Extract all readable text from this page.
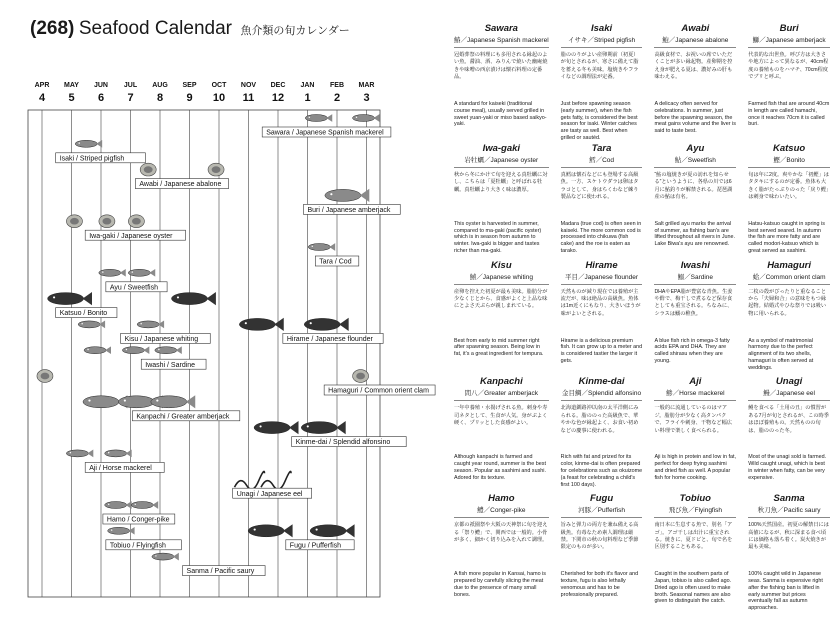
(268) Seafood Calendar 魚介類の旬カレンダー
APR
4
MAY
5
JUN
6
JUL
7
AUG
8
SEP
9
OCT
10
NOV
11
DEC
12
JAN
1
FEB
2
MAR
3
Sawara / Japanese Spanish mackerel
Isaki / Striped pigfish
Awabi / Japanese abalone
Buri / Japanese amberjack
Iwa-gaki / Japanese oyster
Tara / Cod
Ayu / Sweetfish
Katsuo / Bonito
Kisu / Japanese whiting	Hirame / Japanese flounder
Iwashi / Sardine
Hamaguri / Common orient clam
Kanpachi / Greater amberjack
Kinme-dai / Splendid alfonsino
Aji / Horse mackerel
Unagi / Japanese eel
Hamo / Conger-pike
Tobiuo / Flyingfish	Fugu / Pufferfish
Sanma / Pacific saury
Sawara
鰆／Japanese Spanish mackerel
冠婚葬祭の料理にも多用される縁起のよい魚。醤油、酒、みりんで焼いた幽庵焼きや味噌の西京漬けは懐石料理の定番品。
A standard for kaiseki (traditional course meal), usually served grilled in sweet yuan-yaki or miso based saikyo-yaki.
Isaki
イサキ／Striped pigfish
脂ののりがよい産卵期前（初夏）が旬とされるが、寒さに備えて脂を蓄える冬も美味。塩焼きやフライなどの調理法が定番。
Just before spawning season (early summer), when the fish gets fatty, is considered the best season for isaki. Winter catches are tasty as well. Best when grilled or sautéd.
Awabi
鮑／Japanese abalone
高級食材で、お祝いの席でいただくことが多い縁起物。産卵期を控え身が肥える夏は、濃好みの肝も味わえる。
A delicacy often served for celebrations. In summer, just before the spawning season, the meat gains volume and the liver is said to taste best.
Buri
鰤／Japanese amberjack
代表的な出世魚。呼び方は大きさや地方によって異なるが、40cm程度の養殖ものをハマチ、70cm程度でブリと呼ぶ。
Farmed fish that are around 40cm in length are called hamachi, once it reaches 70cm it is called buri.
Iwa-gaki
岩牡蠣／Japanese oyster
秋から冬にかけて旬を迎える真牡蠣に対し、こちらは「夏牡蠣」と呼ばれる牡蠣。真牡蠣より大きく味は濃厚。
This oyster is harvested in summer, compared to ma-gaki (pacific oyster) which is in season from autumn to winter. Iwa-gaki is bigger and tastes richer than ma-gaki.
Tara
鱈／Cod
真鱈は懐石などにも登場する高級魚。一方、スケトウダラは卵はタラコとして、身はちくわなど練り製品などに使われる。
Madara (true cod) is often seen in kaiseki. The more common cod is processed into chikuwa (fish cake) and the roe is eaten as tarako.
Ayu
鮎／Sweetfish
“鮎の塩焼きが夏の訪れを知らせる”というように、各県の川では6月に鮎釣りが解禁される。琵琶湖産の鮎は有名。
Salt grilled ayu marks the arrival of summer, as fishing ban's are lifted throughout all rivers in June. Lake Biwa's ayu are renowned.
Katsuo
鰹／Bonito
旬は年に2度。爽やかな「初鰹」はタタキにするのが定番。魚体も大きく脂がたっぷりのった「戻り鰹」は刺身で味わいたい。
Hatsu-katsuo caught in spring is best served seared. In autumn the fish are more fatty and are called modori-katsuo which is great served as sashimi.
Kisu
鱚／Japanese whiting
産卵を控えた初夏が最も美味。脂肪分が少なくじとから、食感がよくと上品な味にとよさ天ぷらが親しまれている。
Best from early to mid summer right after spawning season. Being low in fat, it's a great ingredient for tempura.
Hirame
平目／Japanese flounder
天然ものが減り現在では養殖が主流だが、味は絶品の高級魚。魚体は1m近くにもなり、大きいほうが味がよいとされる。
Hirame is a delicious premium fish. It can grow up to a meter and is considered tastier the larger it gets.
Iwashi
鰯／Sardine
DHAやEPA脂が豊富な青魚。生姜や酢で、梅干しで煮るなど保存食としても重宝される。ちなみに、シラスは鰯の稚魚。
A blue fish rich in omega-3 fatty acids EPA and DHA. They are called shirasu when they are young.
Hamaguri
蛤／Common orient clam
二枚の殻がぴったりと重なることから「夫婦和合」の意味をもつ縁起物。結婚式やひな祭りでは吸い物に用いられる。
As a symbol of matrimonial harmony due to the perfect alignment of its two shells, hamaguri is often served at weddings.
Kanpachi
間八／Greater amberjack
一年中養殖・水揚げされる魚。刺身や寿司ネタとして、生食が人気。身がぷよく硬く、プリッとした食感がよい。
Although kanpachi is farmed and caught year round, summer is the best season. Popular as sashimi and sushi. Adored for its texture.
Kinme-dai
金目鯛／Splendid alfonsino
北海道釧路沖以南の太平洋側にみられる。脂ののった高級魚で、華やかな色が縁起よく、お食い初めなどの慶事に使われる。
Rich with fat and prized for its color, kinme-dai is often prepared for celebrations such as okuizome (a feast for celebrating a child's first 100 days).
Aji
鯵／Horse mackerel
一般的に流通しているのはマアジ。脂肪分が少なく高タンパクで、フライや刺身、干物など幅広い料理で楽しく食べられる。
Aji is high in protein and low in fat, perfect for deep frying sashimi and dried fish as well. A popular fish for home cooking.
Unagi
鰻／Japanese eel
鰻を食べる「土用の丑」の慣習がある7月が旬とされるが、この時季はほぼ養殖もの。天然ものの旬は、脂ののった冬。
Most of the unagi sold is farmed. Wild caught unagi, which is best in winter when fatty, can be very expensive.
Hamo
鱧／Conger-pike
京都の祇園祭や大阪の天神祭に旬を迎える「祭り鱧」で、関西では一般的。小骨が多く、細かく切り込みを入れて調理。
A fish more popular in Kansai, hamo is prepared by carefully slicing the meat due to the presence of many small bones.
Fugu
河豚／Pufferfish
旨みと弾力の両方を兼ね備える高級魚。有毒なため素人調理は厳禁。下関市の秋の旬料理など季節限定のものが多い。
Cherished for both it's flavor and texture, fugu is also lethally venomous and has to be professionally prepared.
Tobiuo
飛び魚／Flyingfish
南日本に生息する魚で、別名「アゴ」。アゴ干しは出汁に重宝される。焼きに、夏ドビと、旬で名を区別することもある。
Caught in the southern parts of Japan, tobiuo is also called ago. Dried ago is often used to make broth. Seasonal names are also given to distinguish the catch.
Sanma
秋刀魚／Pacific saury
100%天然国産。初夏の解禁日には高値になるが、秋に深まる食べ頃には価格も落ち着く。炭火焼きが最も美味。
100% caught wild in Japanese seas. Sanma is expensive right after the fishing ban is lifted in early summer but prices eventually fall as autumn approaches.
